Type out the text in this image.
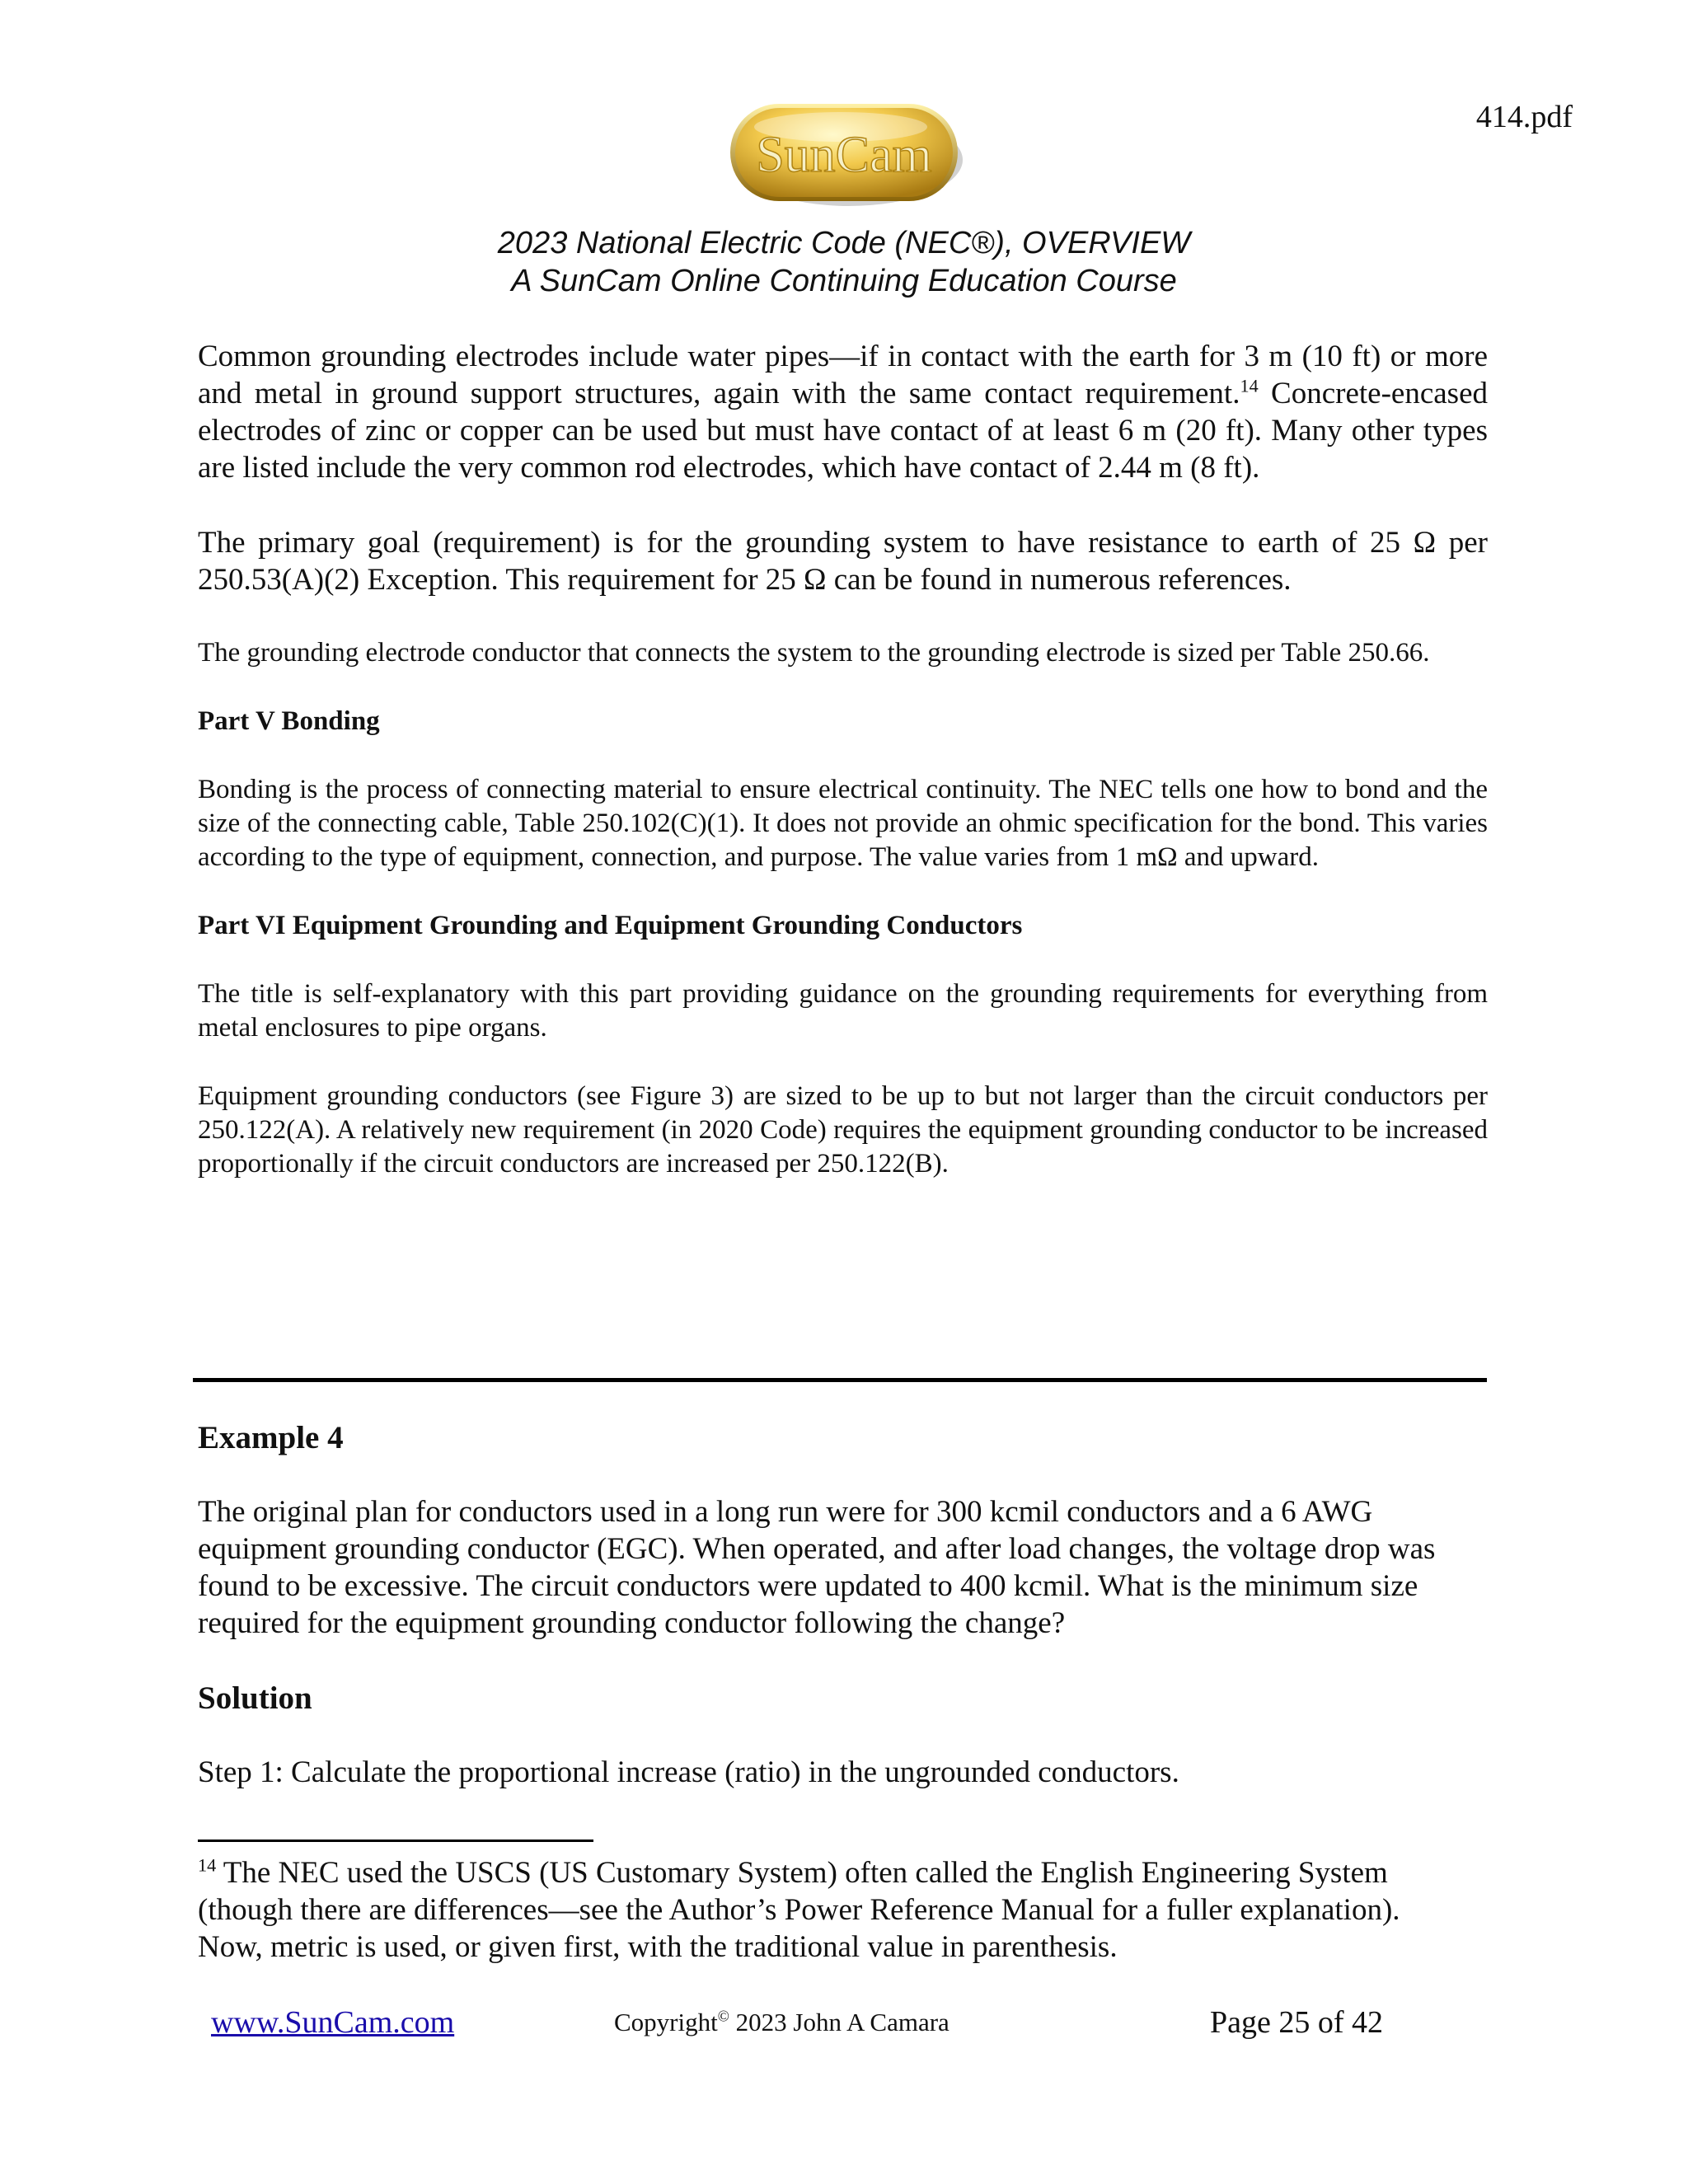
414.pdf
SunCam
2023 National Electric Code (NEC®), OVERVIEW
A SunCam Online Continuing Education Course

Common grounding electrodes include water pipes—if in contact with the earth for 3 m (10 ft) or more and metal in ground support structures, again with the same contact requirement.$^{14}$ Concrete-encased electrodes of zinc or copper can be used but must have contact of at least 6 m (20 ft). Many other types are listed include the very common rod electrodes, which have contact of 2.44 m (8 ft).

The primary goal (requirement) is for the grounding system to have resistance to earth of 25 Ω per 250.53(A)(2) Exception. This requirement for 25 Ω can be found in numerous references.

The grounding electrode conductor that connects the system to the grounding electrode is sized per Table 250.66.

Part V Bonding

Bonding is the process of connecting material to ensure electrical continuity. The NEC tells one how to bond and the size of the connecting cable, Table 250.102(C)(1). It does not provide an ohmic specification for the bond. This varies according to the type of equipment, connection, and purpose. The value varies from 1 mΩ and upward.

Part VI Equipment Grounding and Equipment Grounding Conductors

The title is self-explanatory with this part providing guidance on the grounding requirements for everything from metal enclosures to pipe organs.

Equipment grounding conductors (see Figure 3) are sized to be up to but not larger than the circuit conductors per 250.122(A). A relatively new requirement (in 2020 Code) requires the equipment grounding conductor to be increased proportionally if the circuit conductors are increased per 250.122(B).

Example 4

The original plan for conductors used in a long run were for 300 kcmil conductors and a 6 AWG equipment grounding conductor (EGC). When operated, and after load changes, the voltage drop was found to be excessive. The circuit conductors were updated to 400 kcmil. What is the minimum size required for the equipment grounding conductor following the change?

Solution

Step 1: Calculate the proportional increase (ratio) in the ungrounded conductors.

$^{14}$ The NEC used the USCS (US Customary System) often called the English Engineering System (though there are differences—see the Author’s Power Reference Manual for a fuller explanation). Now, metric is used, or given first, with the traditional value in parenthesis.
www.SunCam.com	Copyright© 2023 John A Camara	Page 25 of 42
